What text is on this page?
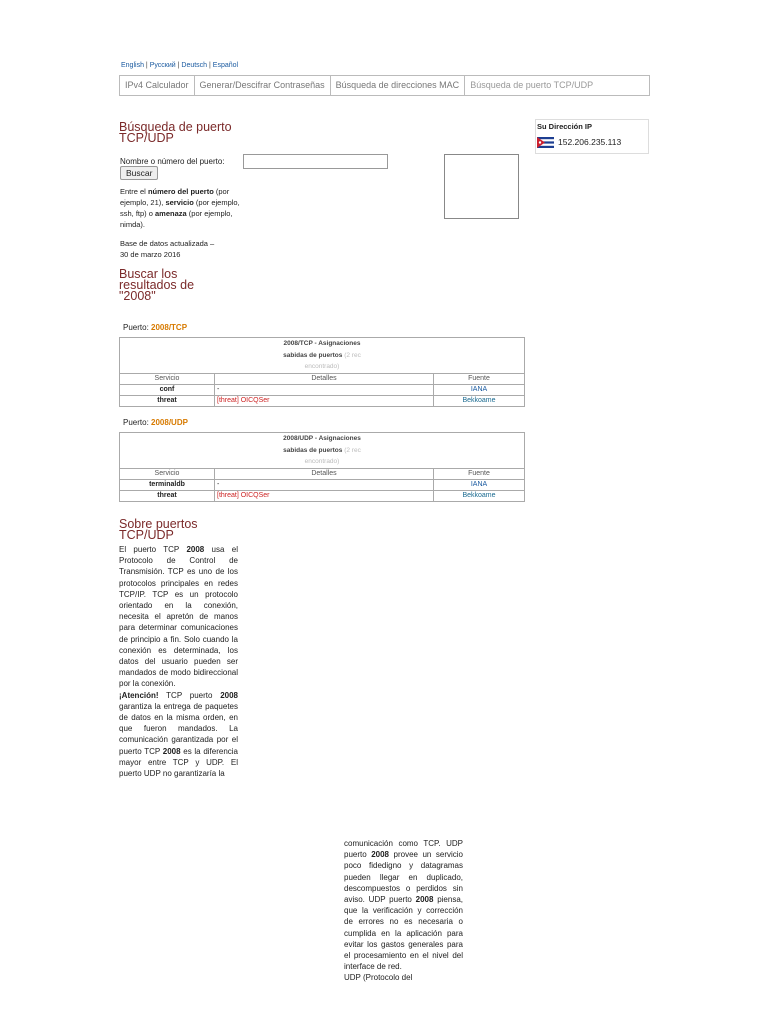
English | Русский | Deutsch | Español
IPv4 Calculador	Generar/Descifrar Contraseñas	Búsqueda de direcciones MAC	Búsqueda de puerto TCP/UDP
Búsqueda de puerto
TCP/UDP
Nombre o número del puerto:
Buscar
Entre el número del puerto (por ejemplo, 21), servicio (por ejemplo, ssh, ftp) o amenaza (por ejemplo, nimda).
Base de datos actualizada –
30 de marzo 2016
Su Dirección IP
152.206.235.113
Buscar los
resultados de
"2008"
Puerto: 2008/TCP
2008/TCP - Asignaciones
sabidas de puertos (2 rec
encontrado)		

Servicio	Detalles	Fuente
conf	-	IANA
threat	[threat] OICQSer	Bekkoame
Puerto: 2008/UDP
2008/UDP - Asignaciones
sabidas de puertos (2 rec
encontrado)		

Servicio	Detalles	Fuente
terminaldb	-	IANA
threat	[threat] OICQSer	Bekkoame
Sobre puertos
TCP/UDP
El puerto TCP 2008 usa el Protocolo de Control de Transmisión. TCP es uno de los protocolos principales en redes TCP/IP. TCP es un protocolo orientado en la conexión, necesita el apretón de manos para determinar comunicaciones de principio a fin. Solo cuando la conexión es determinada, los datos del usuario pueden ser mandados de modo bidireccional por la conexión.
¡Atención! TCP puerto 2008 garantiza la entrega de paquetes de datos en la misma orden, en que fueron mandados. La comunicación garantizada por el puerto TCP 2008 es la diferencia mayor entre TCP y UDP. El puerto UDP no garantizaría la
comunicación como TCP. UDP puerto 2008 provee un servicio poco fidedigno y datagramas pueden llegar en duplicado, descompuestos o perdidos sin aviso. UDP puerto 2008 piensa, que la verificación y corrección de errores no es necesaria o cumplida en la aplicación para evitar los gastos generales para el procesamiento en el nivel del interface de red.
UDP (Protocolo del
